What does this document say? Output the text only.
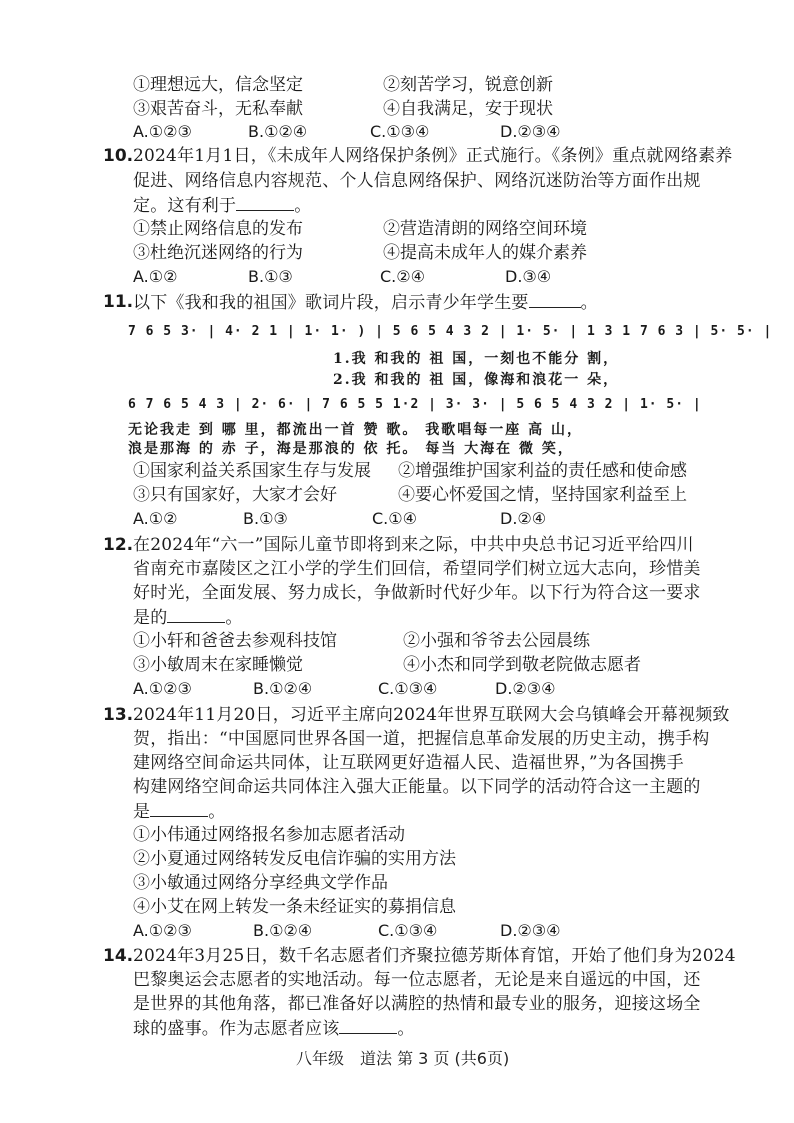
①理想远大，信念坚定	②刻苦学习，锐意创新
③艰苦奋斗，无私奉献	④自我满足，安于现状
A.①②③	B.①②④	C.①③④	D.②③④
10. 2024年1月1日，《未成年人网络保护条例》正式施行。《条例》重点就网络素养
促进、网络信息内容规范、个人信息网络保护、网络沉迷防治等方面作出规
定。这有利于	。
①禁止网络信息的发布	②营造清朗的网络空间环境
③杜绝沉迷网络的行为	④提高未成年人的媒介素养
A.①②	B.①③	C.②④	D.③④
11. 以下《我和我的祖国》歌词片段，启示青少年学生要	。
7 6 5 3· | 4· 2 1 | 1· 1· ) | 5 6 5 4 3 2 | 1· 5· | 1 3 1 7 6 3 | 5· 5· |
1.我 和我的 祖 国，一刻也不能分 割，
2.我 和我的 祖 国，像海和浪花一 朵，
6 7 6 5 4 3 | 2· 6· | 7 6 5 5 1·2 | 3· 3· | 5 6 5 4 3 2 | 1· 5· |
无论我走 到 哪 里，都流出一首 赞 歌。 我歌唱每一座 高 山，
浪是那海 的 赤 子，海是那浪的 依 托。 每当 大海在 微 笑，
①国家利益关系国家生存与发展 ②增强维护国家利益的责任感和使命感
③只有国家好，大家才会好	④要心怀爱国之情，坚持国家利益至上
A.①②	B.①③	C.①④	D.②④
12. 在2024年“六一”国际儿童节即将到来之际，中共中央总书记习近平给四川
省南充市嘉陵区之江小学的学生们回信，希望同学们树立远大志向，珍惜美
好时光，全面发展、努力成长，争做新时代好少年。以下行为符合这一要求
是的	。
①小轩和爸爸去参观科技馆	②小强和爷爷去公园晨练
③小敏周末在家睡懒觉	④小杰和同学到敬老院做志愿者
A.①②③	B.①②④	C.①③④	D.②③④
13. 2024年11月20日，习近平主席向2024年世界互联网大会乌镇峰会开幕视频致
贺，指出：“中国愿同世界各国一道，把握信息革命发展的历史主动，携手构
建网络空间命运共同体，让互联网更好造福人民、造福世界，”为各国携手
构建网络空间命运共同体注入强大正能量。以下同学的活动符合这一主题的
是	。
①小伟通过网络报名参加志愿者活动
②小夏通过网络转发反电信诈骗的实用方法
③小敏通过网络分享经典文学作品
④小艾在网上转发一条未经证实的募捐信息
A.①②③	B.①②④	C.①③④	D.②③④
14. 2024年3月25日，数千名志愿者们齐聚拉德芳斯体育馆，开始了他们身为2024
巴黎奥运会志愿者的实地活动。每一位志愿者，无论是来自遥远的中国，还
是世界的其他角落，都已准备好以满腔的热情和最专业的服务，迎接这场全
球的盛事。作为志愿者应该	。
八年级　道法 第 3 页 (共6页)
